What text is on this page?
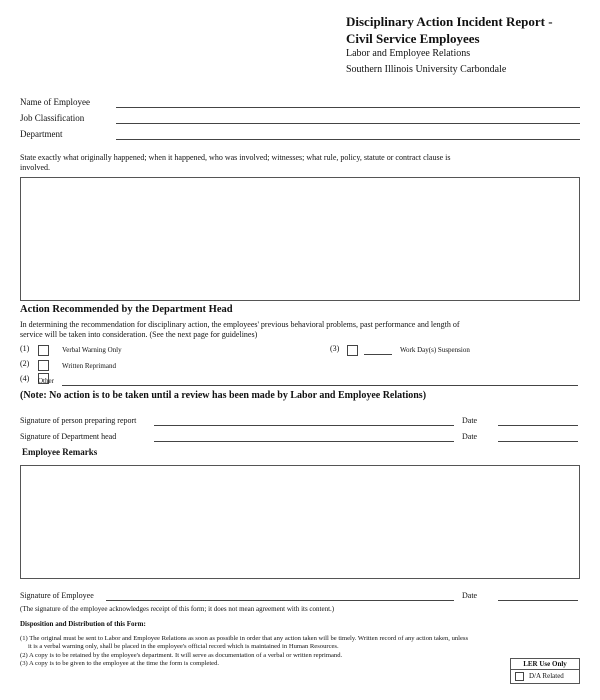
Disciplinary Action Incident Report -
Civil Service Employees
Labor and Employee Relations
Southern Illinois University Carbondale
Name of Employee
Job Classification
Department
State exactly what originally happened; when it happened, who was involved; witnesses; what rule, policy, statute or contract clause is
involved.
Action Recommended by the Department Head
In determining the recommendation for disciplinary action, the employees' previous behavioral problems, past performance and length of
service will be taken into consideration. (See the next page for guidelines)
(1)	Verbal Warning Only	(3)	Work Day(s) Suspension
(2)	Written Reprimand
(4) Other
(Note: No action is to be taken until a review has been made by Labor and Employee Relations)
Signature of person preparing report	Date
Signature of Department head	Date
Employee Remarks
Signature of Employee	Date
(The signature of the employee acknowledges receipt of this form; it does not mean agreement with its content.)
Disposition and Distribution of this Form:
(1) The original must be sent to Labor and Employee Relations as soon as possible in order that any action taken will be timely. Written record of any action taken, unless
it is a verbal warning only, shall be placed in the employee's official record which is maintained in Human Resources.
(2) A copy is to be retained by the employee's department. It will serve as documentation of a verbal or written reprimand.
(3) A copy is to be given to the employee at the time the form is completed.	LER Use Only
D/A Related
